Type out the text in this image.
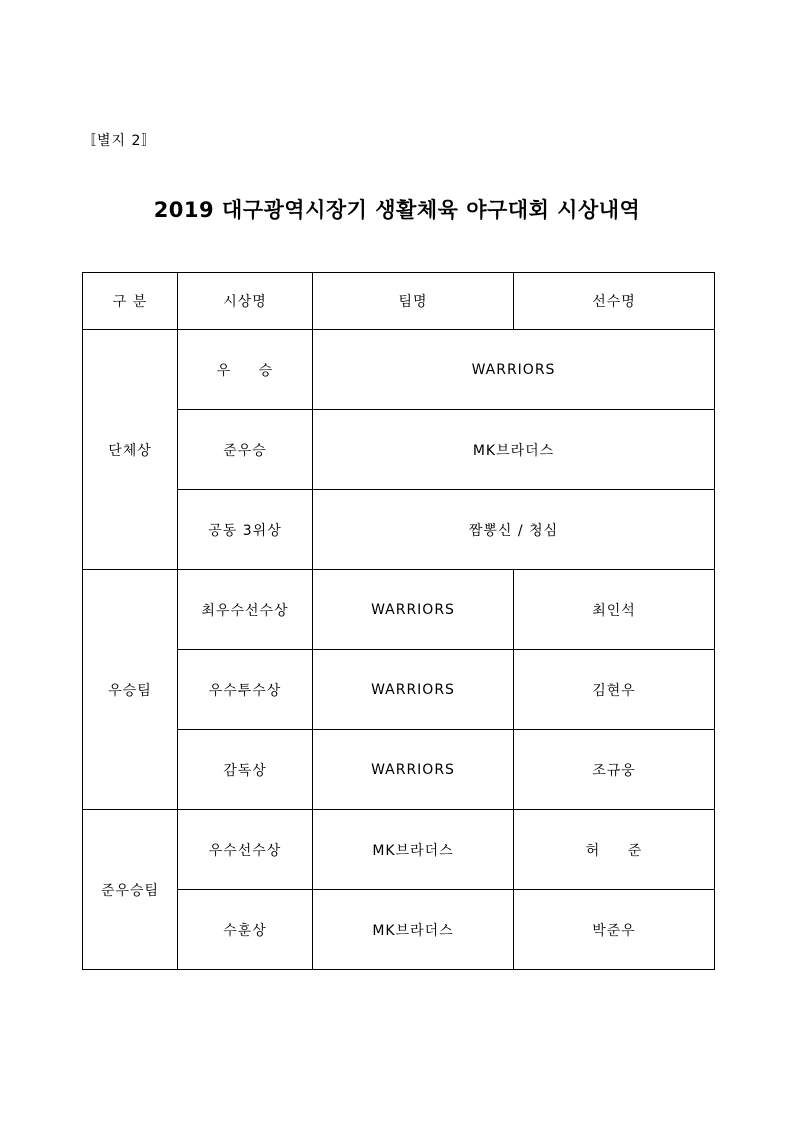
〚별지 2〛
2019 대구광역시장기 생활체육 야구대회 시상내역
구 분	시상명	팀명	선수명
단체상	우 승	WARRIORS	
	준우승	MK브라더스	
	공동 3위상	짬뽕신 / 청심	
우승팀	최우수선수상	WARRIORS	최인석
	우수투수상	WARRIORS	김현우
	감독상	WARRIORS	조규웅
준우승팀	우수선수상	MK브라더스	허 준
	수훈상	MK브라더스	박준우
